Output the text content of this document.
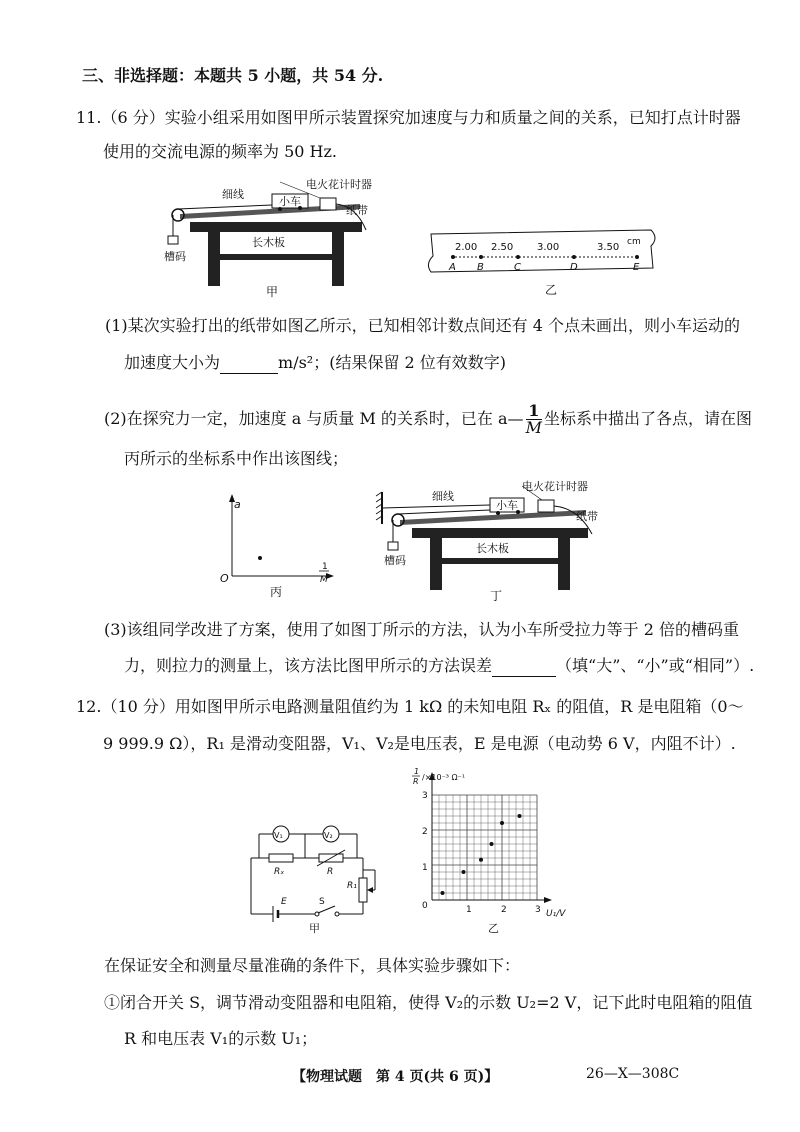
三、非选择题：本题共 5 小题，共 54 分.
11.（6 分）实验小组采用如图甲所示装置探究加速度与力和质量之间的关系，已知打点计时器
使用的交流电源的频率为 50 Hz.
细线
小车
电火花计时器
纸带
槽码
长木板
甲
A B	C	D	E
2.00 2.50 3.00	3.50 cm
乙
(1)某次实验打出的纸带如图乙所示，已知相邻计数点间还有 4 个点未画出，则小车运动的
加速度大小为	m/s²；(结果保留 2 位有效数字)
(2)在探究力一定，加速度 a 与质量 M 的关系时，已在 a— $\frac{1}{M}$ 坐标系中描出了各点，请在图
丙所示的坐标系中作出该图线；
a
O
1
M
丙
细线
小车
电火花计时器
纸带
槽码
长木板
丁
(3)该组同学改进了方案，使用了如图丁所示的方法，认为小车所受拉力等于 2 倍的槽码重
力，则拉力的测量上，该方法比图甲所示的方法误差	（填“大”、“小”或“相同”）.
12.（10 分）用如图甲所示电路测量阻值约为 1 kΩ 的未知电阻 Rₓ 的阻值，R 是电阻箱（0～
9 999.9 Ω），R₁ 是滑动变阻器，V₁、V₂是电压表，E 是电源（电动势 6 V，内阻不计）.
V₁	V₂
Rₓ	R
R₁
E	S
甲
1
R /×10⁻³ Ω⁻¹
U₁/V
0	1	2	3
1
2
3
乙
在保证安全和测量尽量准确的条件下，具体实验步骤如下：
①闭合开关 S，调节滑动变阻器和电阻箱，使得 V₂的示数 U₂=2 V，记下此时电阻箱的阻值
R 和电压表 V₁的示数 U₁；
【物理试题　第 4 页(共 6 页)】	26—X—308C
